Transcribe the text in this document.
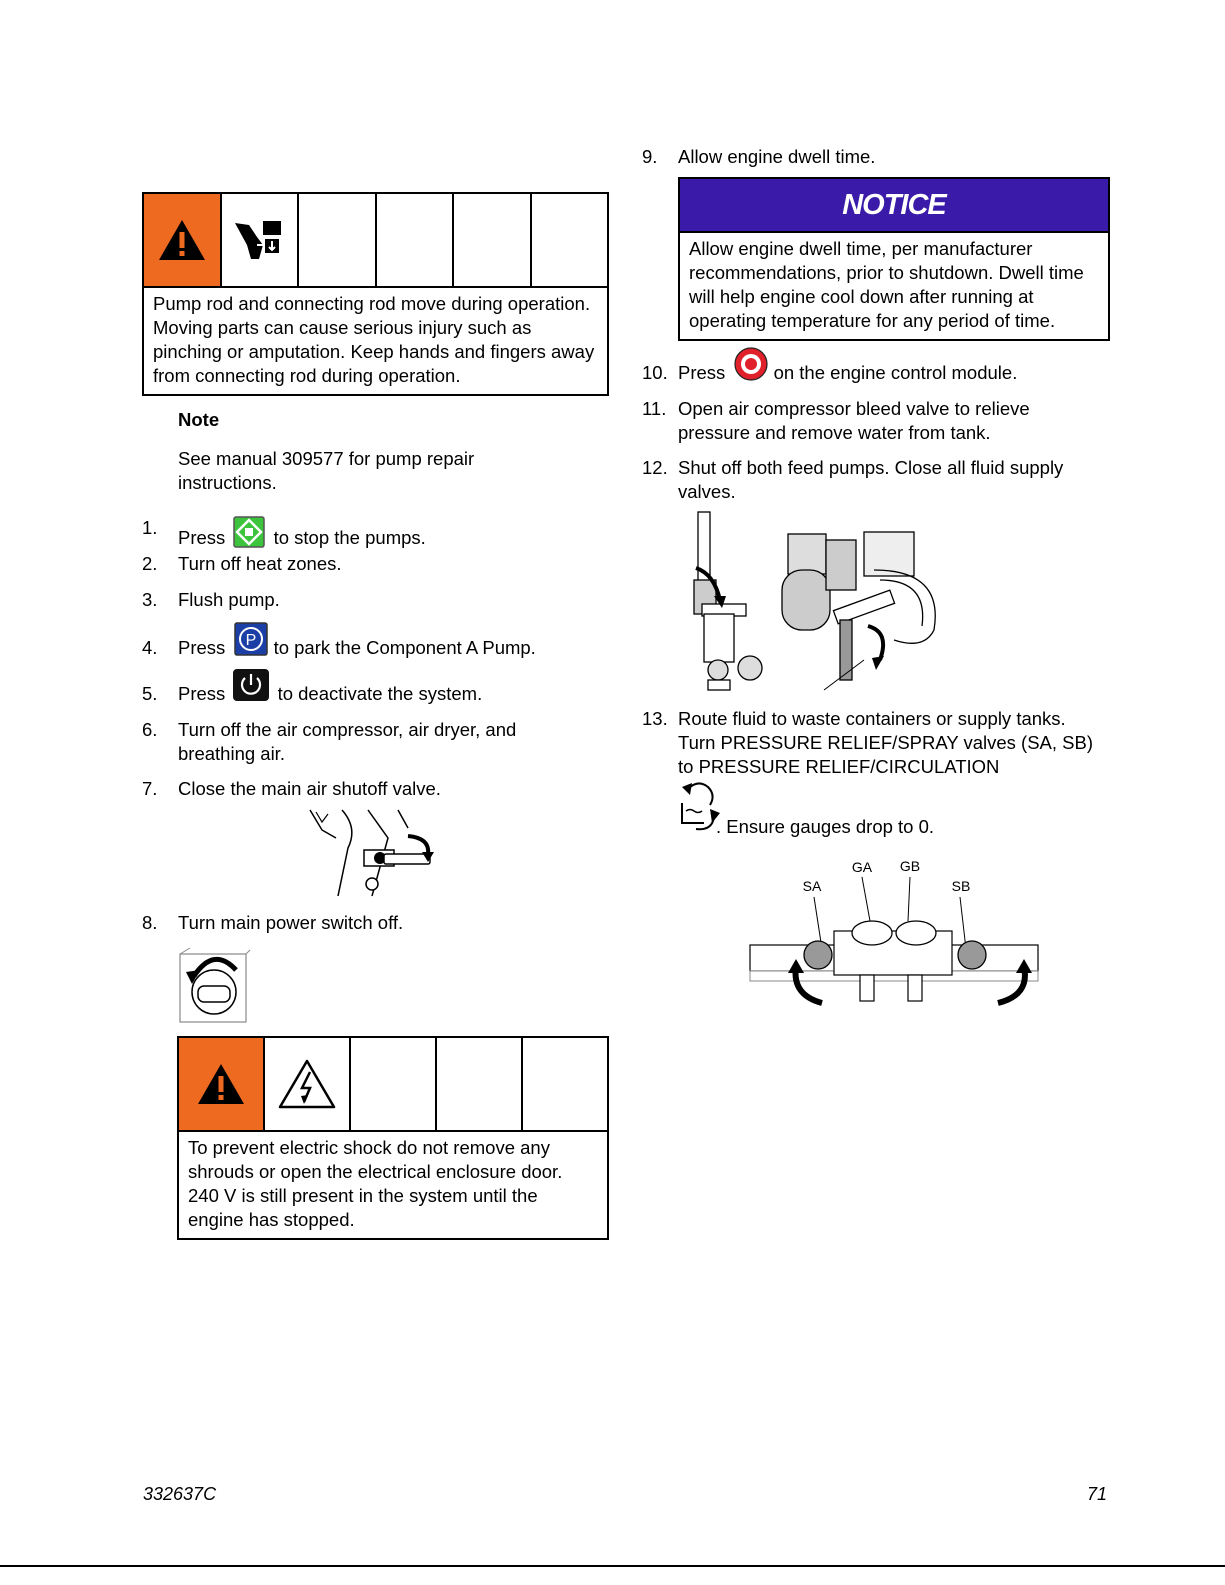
Pump rod and connecting rod move during operation. Moving parts can cause serious injury such as pinching or amputation. Keep hands and fingers away from connecting rod during operation.
Note
See manual 309577 for pump repair instructions.
1. Press	to stop the pumps.
2. Turn off heat zones.
3. Flush pump.
4. Press P to park the Component A Pump.
5. Press	to deactivate the system.
6. Turn off the air compressor, air dryer, and breathing air.
7. Close the main air shutoff valve.
8. Turn main power switch off.
To prevent electric shock do not remove any shrouds or open the electrical enclosure door. 240 V is still present in the system until the engine has stopped.
9. Allow engine dwell time.
NOTICE
Allow engine dwell time, per manufacturer recommendations, prior to shutdown. Dwell time will help engine cool down after running at operating temperature for any period of time.
10. Press	on the engine control module.
11. Open air compressor bleed valve to relieve pressure and remove water from tank.
12. Shut off both feed pumps. Close all fluid supply valves.
13. Route fluid to waste containers or supply tanks. Turn PRESSURE RELIEF/SPRAY valves (SA, SB) to PRESSURE RELIEF/CIRCULATION
. Ensure gauges drop to 0.
GA GB
SA	SB
332637C	71
